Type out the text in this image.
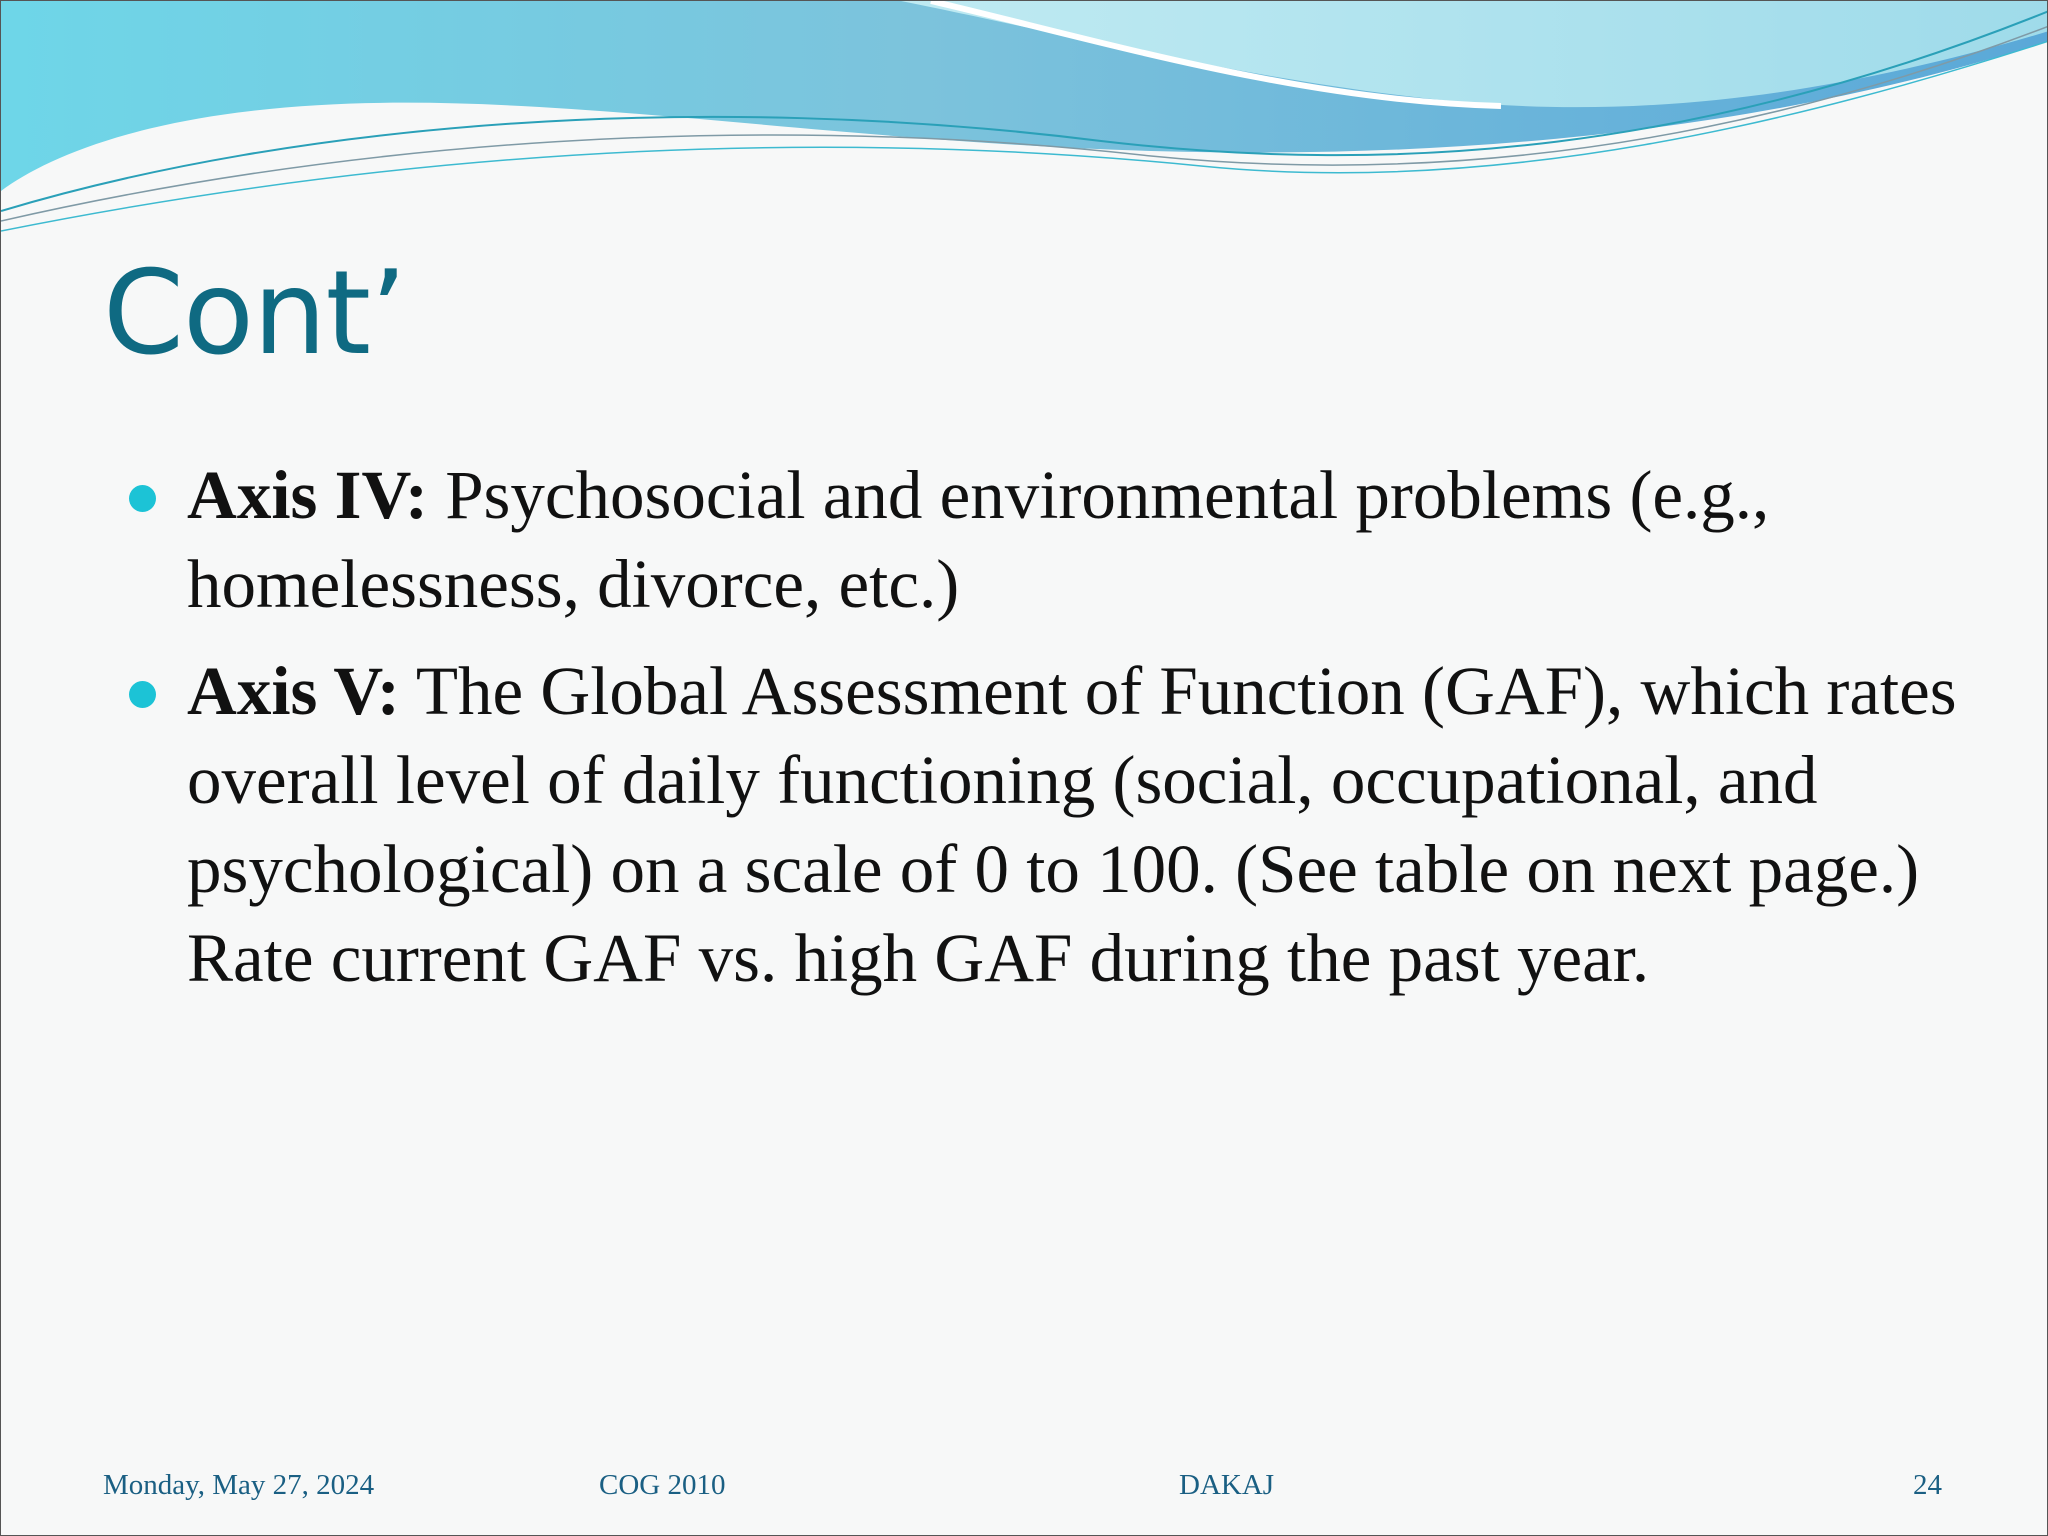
Cont’
Axis IV: Psychosocial and environmental problems (e.g., homelessness, divorce, etc.)
Axis V: The Global Assessment of Function (GAF), which rates overall level of daily functioning (social, occupational, and psychological) on a scale of 0 to 100. (See table on next page.) Rate current GAF vs. high GAF during the past year.
Monday, May 27, 2024	COG 2010	DAKAJ	24
